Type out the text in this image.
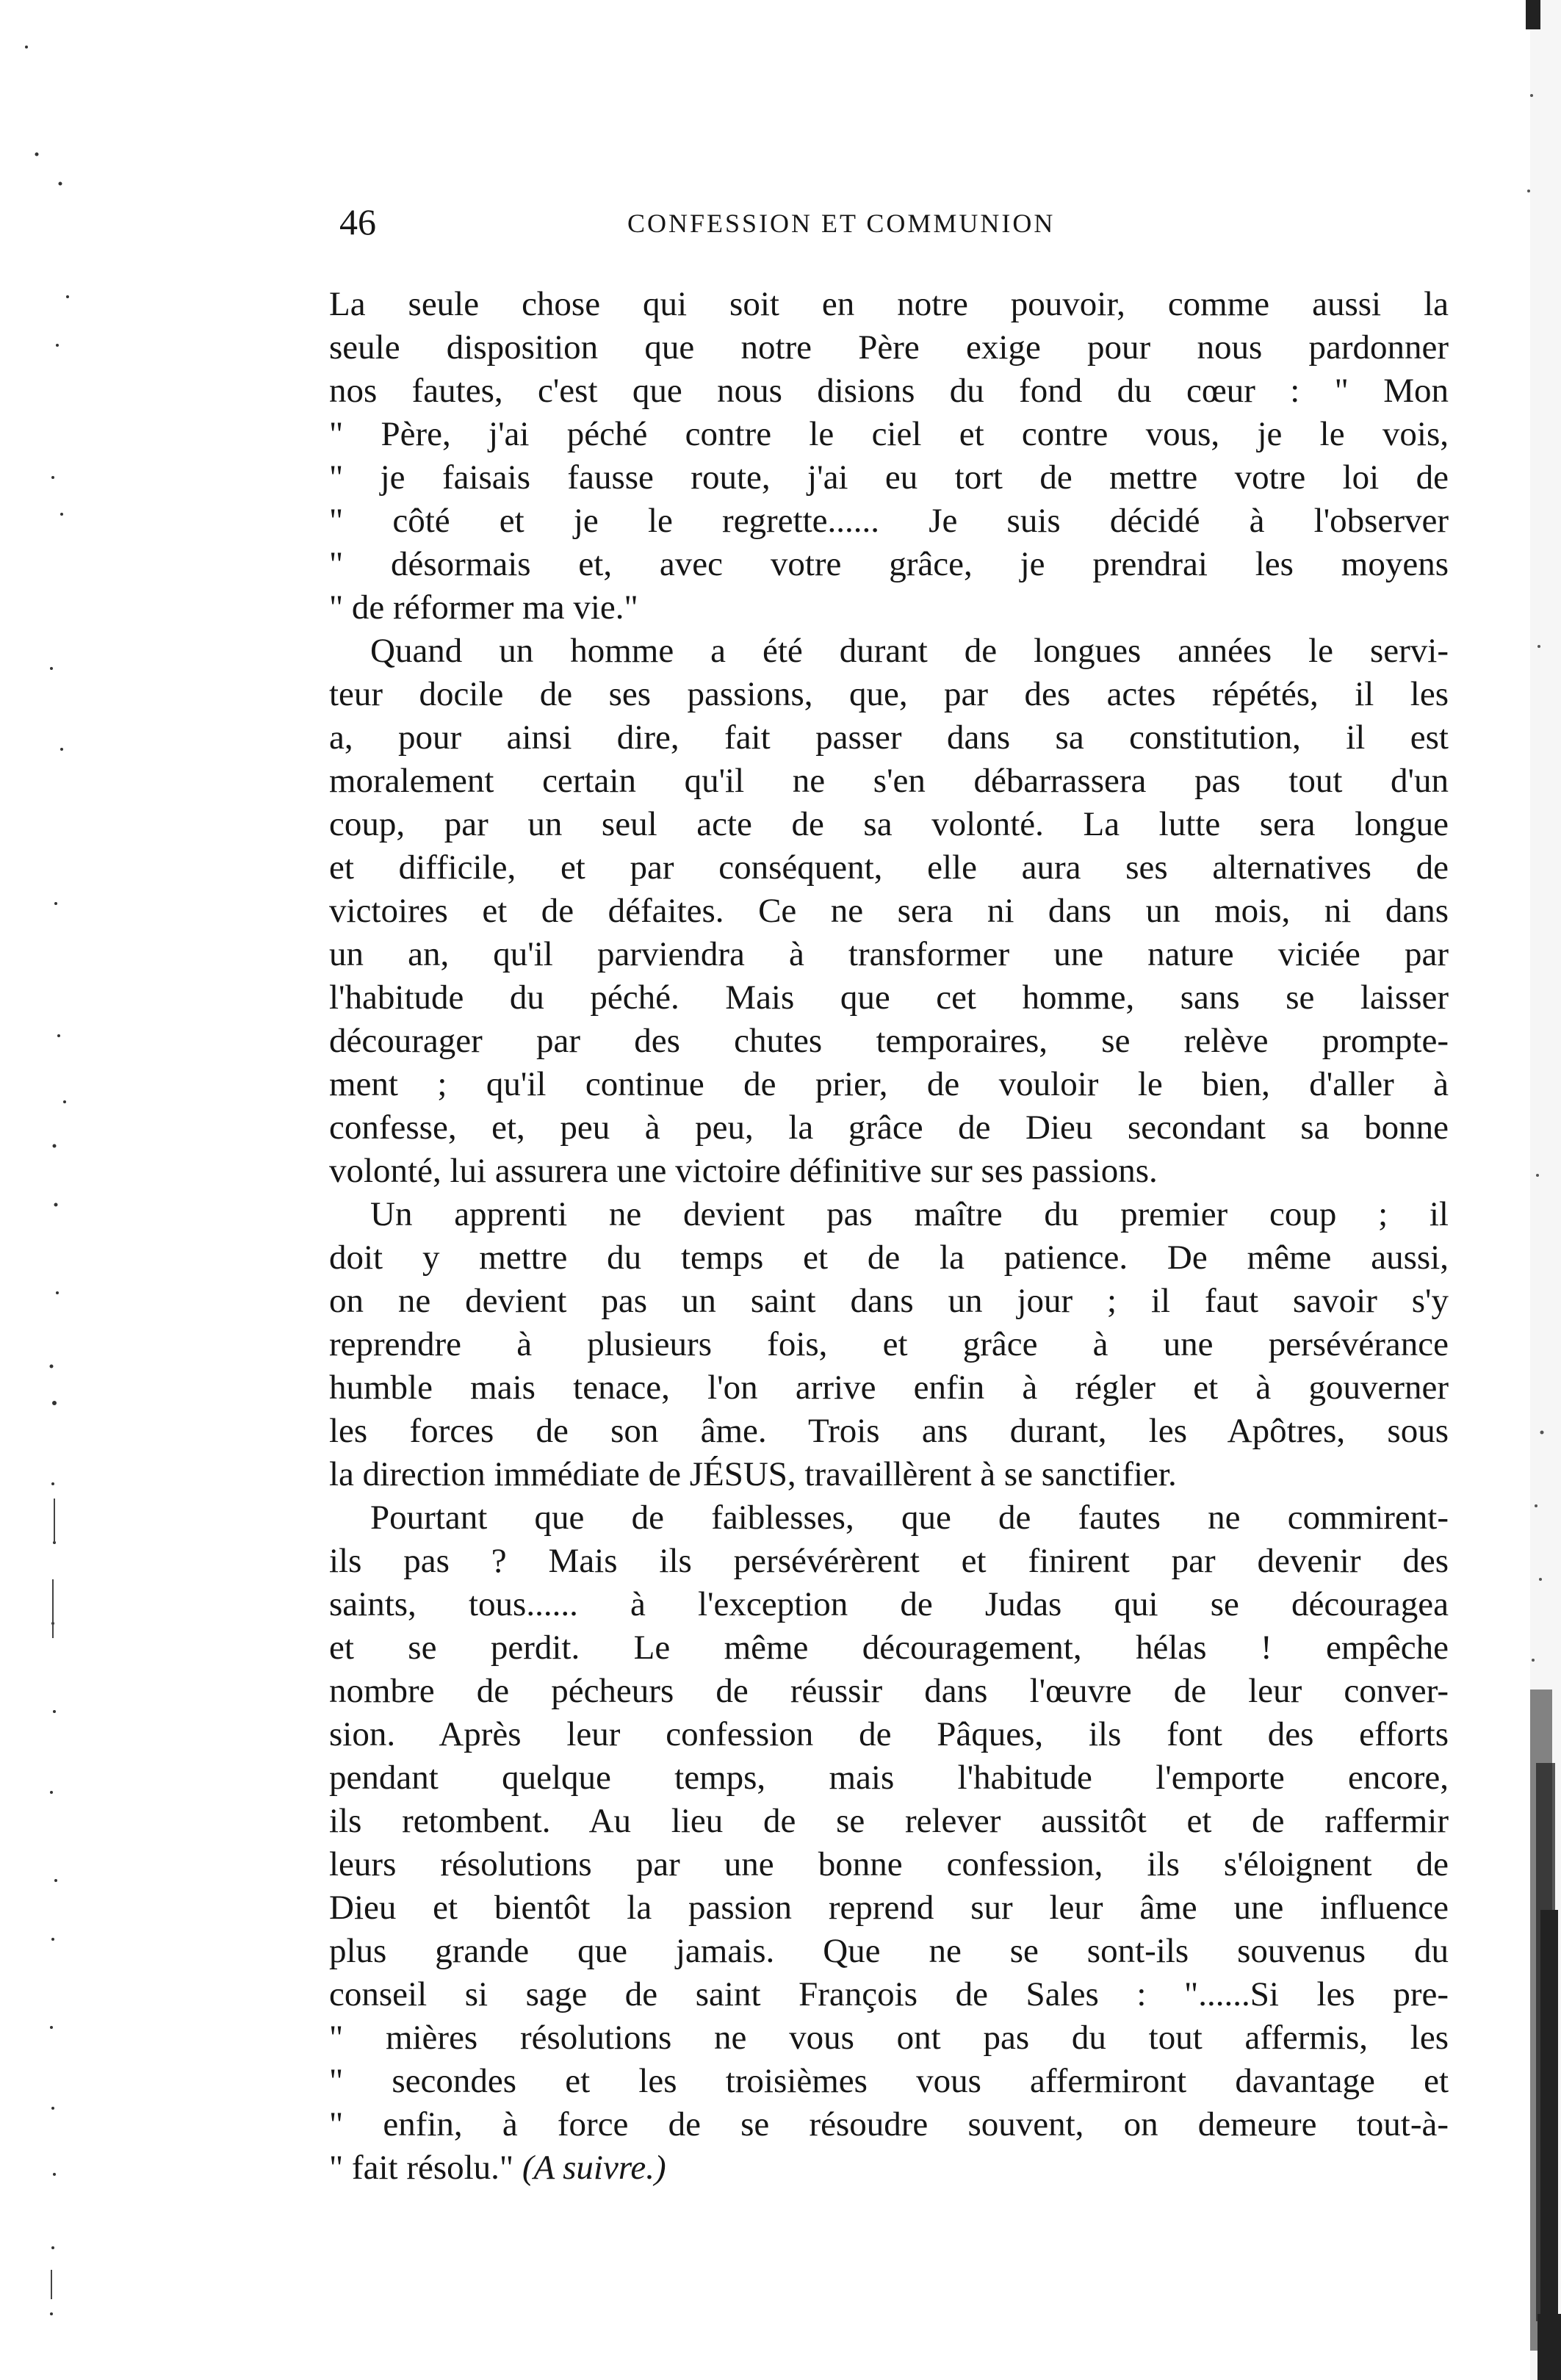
46	CONFESSION ET COMMUNION
La seule chose qui soit en notre pouvoir, comme aussi la
seule disposition que notre Père exige pour nous pardonner
nos fautes, c'est que nous disions du fond du cœur : " Mon
" Père, j'ai péché contre le ciel et contre vous, je le vois,
" je faisais fausse route, j'ai eu tort de mettre votre loi de
" côté et je le regrette...... Je suis décidé à l'observer
" désormais et, avec votre grâce, je prendrai les moyens
" de réformer ma vie."
Quand un homme a été durant de longues années le servi-
teur docile de ses passions, que, par des actes répétés, il les
a, pour ainsi dire, fait passer dans sa constitution, il est
moralement certain qu'il ne s'en débarrassera pas tout d'un
coup, par un seul acte de sa volonté. La lutte sera longue
et difficile, et par conséquent, elle aura ses alternatives de
victoires et de défaites. Ce ne sera ni dans un mois, ni dans
un an, qu'il parviendra à transformer une nature viciée par
l'habitude du péché. Mais que cet homme, sans se laisser
décourager par des chutes temporaires, se relève prompte-
ment ; qu'il continue de prier, de vouloir le bien, d'aller à
confesse, et, peu à peu, la grâce de Dieu secondant sa bonne
volonté, lui assurera une victoire définitive sur ses passions.
Un apprenti ne devient pas maître du premier coup ; il
doit y mettre du temps et de la patience. De même aussi,
on ne devient pas un saint dans un jour ; il faut savoir s'y
reprendre à plusieurs fois, et grâce à une persévérance
humble mais tenace, l'on arrive enfin à régler et à gouverner
les forces de son âme. Trois ans durant, les Apôtres, sous
la direction immédiate de JÉSUS, travaillèrent à se sanctifier.
Pourtant que de faiblesses, que de fautes ne commirent-
ils pas ? Mais ils persévérèrent et finirent par devenir des
saints, tous...... à l'exception de Judas qui se découragea
et se perdit. Le même découragement, hélas ! empêche
nombre de pécheurs de réussir dans l'œuvre de leur conver-
sion. Après leur confession de Pâques, ils font des efforts
pendant quelque temps, mais l'habitude l'emporte encore,
ils retombent. Au lieu de se relever aussitôt et de raffermir
leurs résolutions par une bonne confession, ils s'éloignent de
Dieu et bientôt la passion reprend sur leur âme une influence
plus grande que jamais. Que ne se sont-ils souvenus du
conseil si sage de saint François de Sales : "......Si les pre-
" mières résolutions ne vous ont pas du tout affermis, les
" secondes et les troisièmes vous affermiront davantage et
" enfin, à force de se résoudre souvent, on demeure tout-à-
" fait résolu." (A suivre.)
